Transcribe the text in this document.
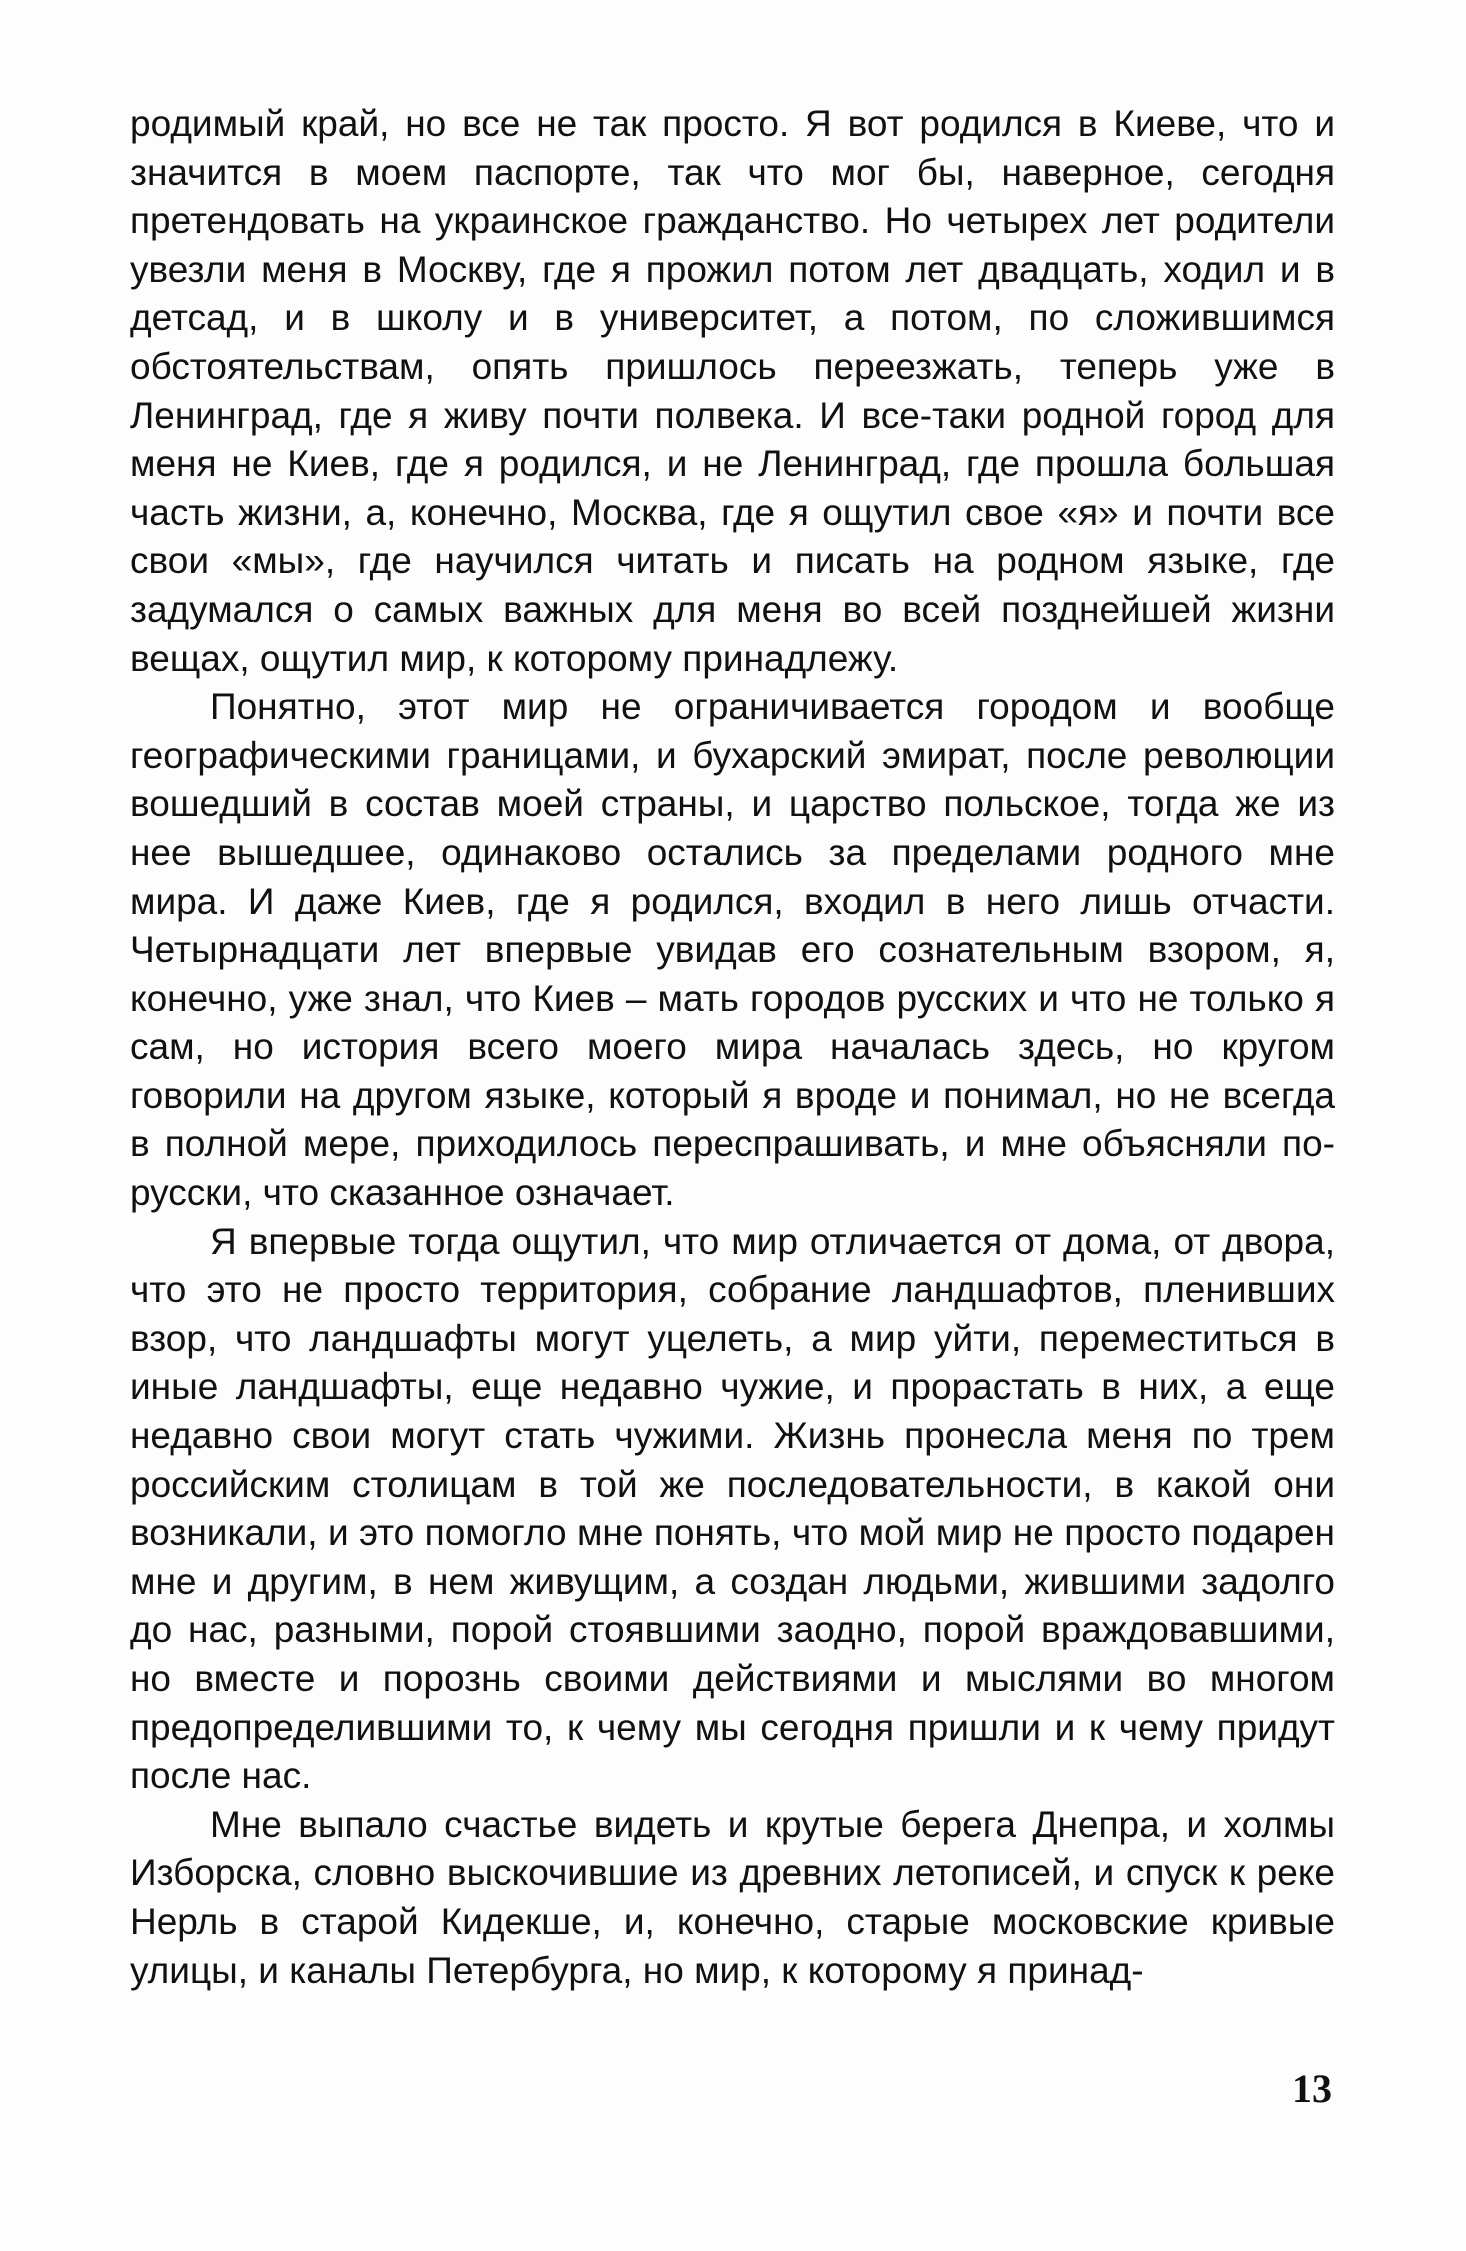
родимый край, но все не так просто. Я вот родился в Киеве, что и значится в моем паспорте, так что мог бы, наверное, сегодня претендовать на украинское гражданство. Но четырех лет родители увезли меня в Москву, где я прожил потом лет двадцать, ходил и в детсад, и в школу и в университет, а потом, по сложившимся обстоятельствам, опять пришлось переезжать, теперь уже в Ленинград, где я живу почти полвека. И все-таки родной город для меня не Киев, где я родился, и не Ленинград, где прошла большая часть жизни, а, конечно, Москва, где я ощутил свое «я» и почти все свои «мы», где научился читать и писать на родном языке, где задумался о самых важных для меня во всей позднейшей жизни вещах, ощутил мир, к которому принадлежу.

Понятно, этот мир не ограничивается городом и вообще географическими границами, и бухарский эмират, после революции вошедший в состав моей страны, и царство польское, тогда же из нее вышедшее, одинаково остались за пределами родного мне мира. И даже Киев, где я родился, входил в него лишь отчасти. Четырнадцати лет впервые увидав его сознательным взором, я, конечно, уже знал, что Киев – мать городов русских и что не только я сам, но история всего моего мира началась здесь, но кругом говорили на другом языке, который я вроде и понимал, но не всегда в полной мере, приходилось переспрашивать, и мне объясняли по-русски, что сказанное означает.

Я впервые тогда ощутил, что мир отличается от дома, от двора, что это не просто территория, собрание ландшафтов, пленивших взор, что ландшафты могут уцелеть, а мир уйти, переместиться в иные ландшафты, еще недавно чужие, и прорастать в них, а еще недавно свои могут стать чужими. Жизнь пронесла меня по трем российским столицам в той же последовательности, в какой они возникали, и это помогло мне понять, что мой мир не просто подарен мне и другим, в нем живущим, а создан людьми, жившими задолго до нас, разными, порой стоявшими заодно, порой враждовавшими, но вместе и порознь своими действиями и мыслями во многом предопределившими то, к чему мы сегодня пришли и к чему придут после нас.

Мне выпало счастье видеть и крутые берега Днепра, и холмы Изборска, словно выскочившие из древних летописей, и спуск к реке Нерль в старой Кидекше, и, конечно, старые московские кривые улицы, и каналы Петербурга, но мир, к которому я принад-

13
